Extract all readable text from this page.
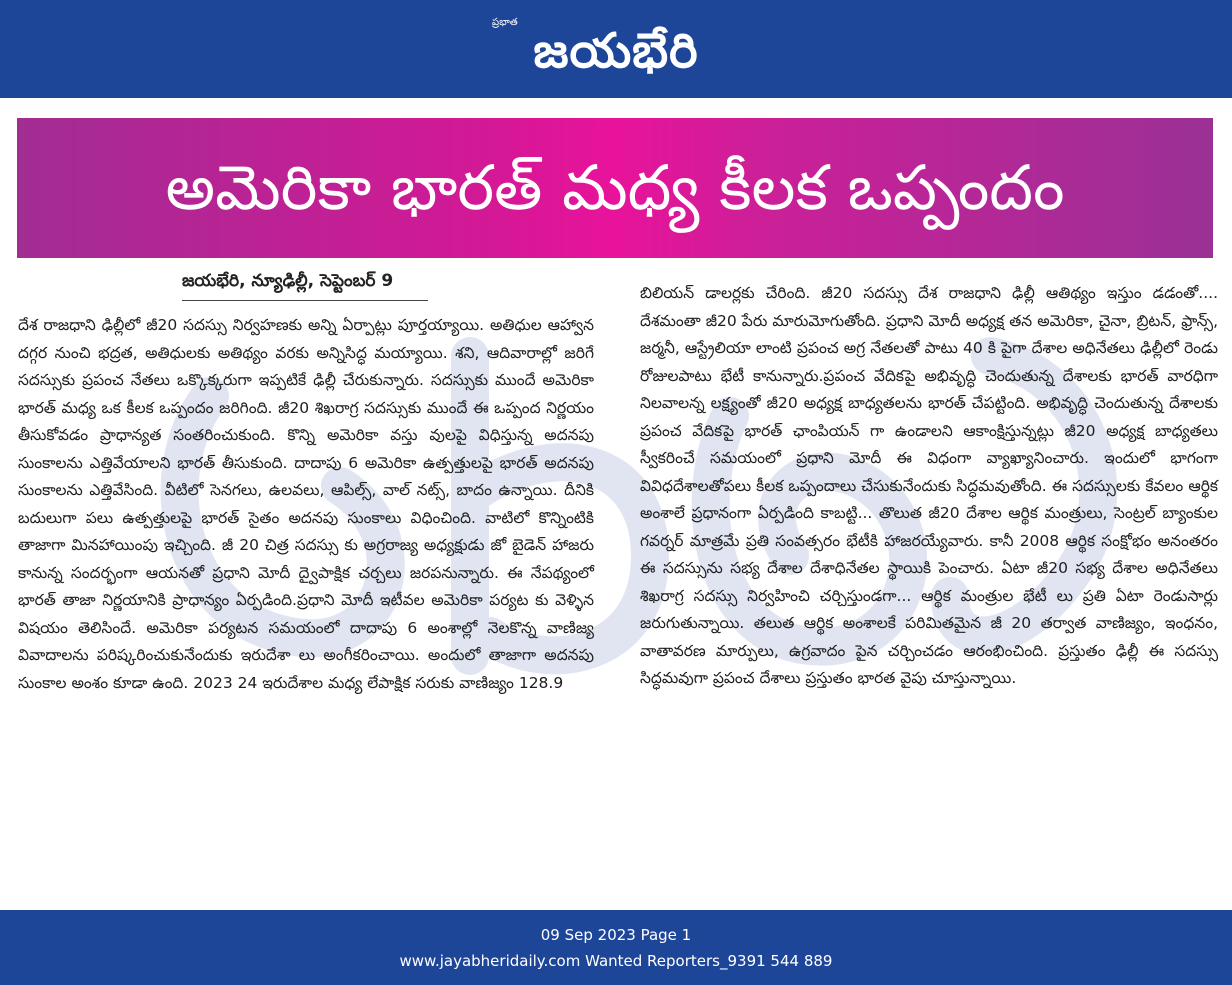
ప్రభాత
జయభేరి
అమెరికా భారత్ మధ్య కీలక ఒప్పందం
జయభేరి, న్యూఢిల్లీ, సెప్టెంబర్ 9

దేశ రాజధాని ఢిల్లీలో జీ20 సదస్సు నిర్వహణకు అన్ని ఏర్పాట్లు పూర్తయ్యాయి. అతిధుల ఆహ్వాన దగ్గర నుంచి భద్రత, అతిధులకు అతిథ్యం వరకు అన్నిసిద్ధ మయ్యాయి. శని, ఆదివారాల్లో జరిగే సదస్సుకు ప్రపంచ నేతలు ఒక్కొక్కరుగా ఇప్పటికే ఢిల్లీ చేరుకున్నారు. సదస్సుకు ముందే అమెరికా భారత్ మధ్య ఒక కీలక ఒప్పందం జరిగింది. జీ20 శిఖరాగ్ర సదస్సుకు ముందే ఈ ఒప్పంద నిర్ణయం తీసుకోవడం ప్రాధాన్యత సంతరించుకుంది. కొన్ని అమెరికా వస్తు వులపై విధిస్తున్న అదనపు సుంకాలను ఎత్తివేయాలని భారత్ తీసుకుంది. దాదాపు 6 అమెరికా ఉత్పత్తులపై భారత్ అదనపు సుంకాలను ఎత్తివేసింది. వీటిలో సెనగలు, ఉలవలు, ఆపిల్స్, వాల్ నట్స్, బాదం ఉన్నాయి. దీనికి బదులుగా పలు ఉత్పత్తులపై భారత్ సైతం అదనపు సుంకాలు విధించింది. వాటిలో కొన్నింటికి తాజాగా మినహాయింపు ఇచ్చింది. జీ 20 చిత్ర సదస్సు కు అగ్రరాజ్య అధ్యక్షుడు జో బైడెన్ హాజరు కానున్న సందర్భంగా ఆయనతో ప్రధాని మోదీ ద్వైపాక్షిక చర్చలు జరపనున్నారు. ఈ నేపథ్యంలో భారత్ తాజా నిర్ణయానికి ప్రాధాన్యం ఏర్పడింది.ప్రధాని మోదీ ఇటీవల అమెరికా పర్యట కు వెళ్ళిన విషయం తెలిసిందే. అమెరికా పర్యటన సమయంలో దాదాపు 6 అంశాల్లో నెలకొన్న వాణిజ్య వివాదాలను పరిష్కరించుకునేందుకు ఇరుదేశా లు అంగీకరించాయి. అందులో తాజాగా అదనపు సుంకాల అంశం కూడా ఉంది. 2023 24 ఇరుదేశాల మధ్య లేపాక్షిక సరుకు వాణిజ్యం 128.9

బిలియన్ డాలర్లకు చేరింది. జీ20 సదస్సు దేశ రాజధాని ఢిల్లీ ఆతిథ్యం ఇస్తుం డడంతో.... దేశమంతా జీ20 పేరు మారుమోగుతోంది. ప్రధాని మోదీ అధ్యక్ష తన అమెరికా, చైనా, బ్రిటన్, ఫ్రాన్స్, జర్మనీ, ఆస్ట్రేలియా లాంటి ప్రపంచ అగ్ర నేతలతో పాటు 40 కి పైగా దేశాల అధినేతలు ఢిల్లీలో రెండు రోజులపాటు భేటీ కానున్నారు.ప్రపంచ వేదికపై అభివృద్ధి చెందుతున్న దేశాలకు భారత్ వారధిగా నిలవాలన్న లక్ష్యంతో జీ20 అధ్యక్ష బాధ్యతలను భారత్ చేపట్టింది. అభివృద్ధి చెందుతున్న దేశాలకు ప్రపంచ వేదికపై భారత్ ఛాంపియన్ గా ఉండాలని ఆకాంక్షిస్తున్నట్లు జీ20 అధ్యక్ష బాధ్యతలు స్వీకరించే సమయంలో ప్రధాని మోదీ ఈ విధంగా వ్యాఖ్యానించారు. ఇందులో భాగంగా వివిధదేశాలతోపలు కీలక ఒప్పందాలు చేసుకునేందుకు సిద్ధమవుతోంది. ఈ సదస్సులకు కేవలం ఆర్థిక అంశాలే ప్రధానంగా ఏర్పడింది కాబట్టి... తొలుత జీ20 దేశాల ఆర్థిక మంత్రులు, సెంట్రల్ బ్యాంకుల గవర్నర్ మాత్రమే ప్రతి సంవత్సరం భేటీకి హాజరయ్యేవారు. కానీ 2008 ఆర్థిక సంక్షోభం అనంతరం ఈ సదస్సును సభ్య దేశాల దేశాధినేతల స్థాయికి పెంచారు. ఏటా జీ20 సభ్య దేశాల అధినేతలు శిఖరాగ్ర సదస్సు నిర్వహించి చర్చిస్తుండగా... ఆర్థిక మంత్రుల భేటీ లు ప్రతి ఏటా రెండుసార్లు జరుగుతున్నాయి. తలుత ఆర్థిక అంశాలకే పరిమితమైన జీ 20 తర్వాత వాణిజ్యం, ఇంధనం, వాతావరణ మార్పులు, ఉగ్రవాదం పైన చర్చించడం ఆరంభించింది. ప్రస్తుతం ఢిల్లీ ఈ సదస్సు సిద్ధమవుగా ప్రపంచ దేశాలు ప్రస్తుతం భారత వైపు చూస్తున్నాయి.

09 Sep 2023 Page 1
www.jayabheridaily.com Wanted Reporters_9391 544 889
